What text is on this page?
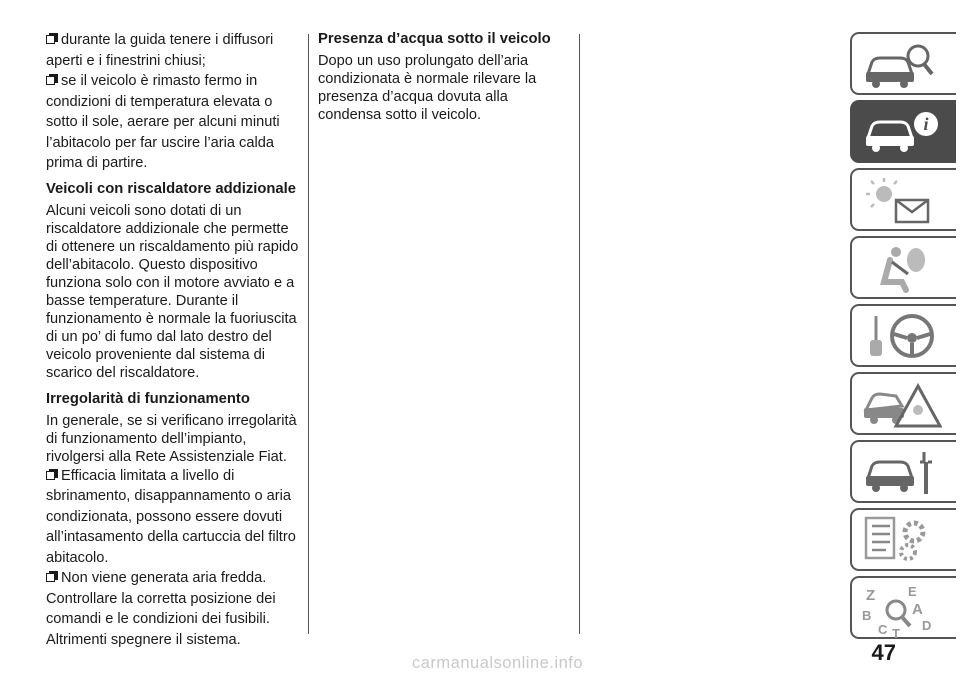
durante la guida tenere i diffusori

aperti e i finestrini chiusi;

se il veicolo è rimasto fermo in

condizioni di temperatura elevata o

sotto il sole, aerare per alcuni minuti

l’abitacolo per far uscire l’aria calda

prima di partire.

Veicoli con riscaldatore addizionale

Alcuni veicoli sono dotati di un riscaldatore addizionale che permette di ottenere un riscaldamento più rapido dell’abitacolo. Questo dispositivo funziona solo con il motore avviato e a basse temperature. Durante il funzionamento è normale la fuoriuscita di un po’ di fumo dal lato destro del veicolo proveniente dal sistema di scarico del riscaldatore.

Irregolarità di funzionamento

In generale, se si verificano irregolarità di funzionamento dell’impianto, rivolgersi alla Rete Assistenziale Fiat.

Efficacia limitata a livello di

sbrinamento, disappannamento o aria

condizionata, possono essere dovuti

all’intasamento della cartuccia del filtro

abitacolo.

Non viene generata aria fredda.

Controllare la corretta posizione dei

comandi e le condizioni dei fusibili.

Altrimenti spegnere il sistema.

Presenza d’acqua sotto il veicolo

Dopo un uso prolungato dell’aria condizionata è normale rilevare la presenza d’acqua dovuta alla condensa sotto il veicolo.	i
Z	E
A
B
D
C T
47
carmanualsonline.info
